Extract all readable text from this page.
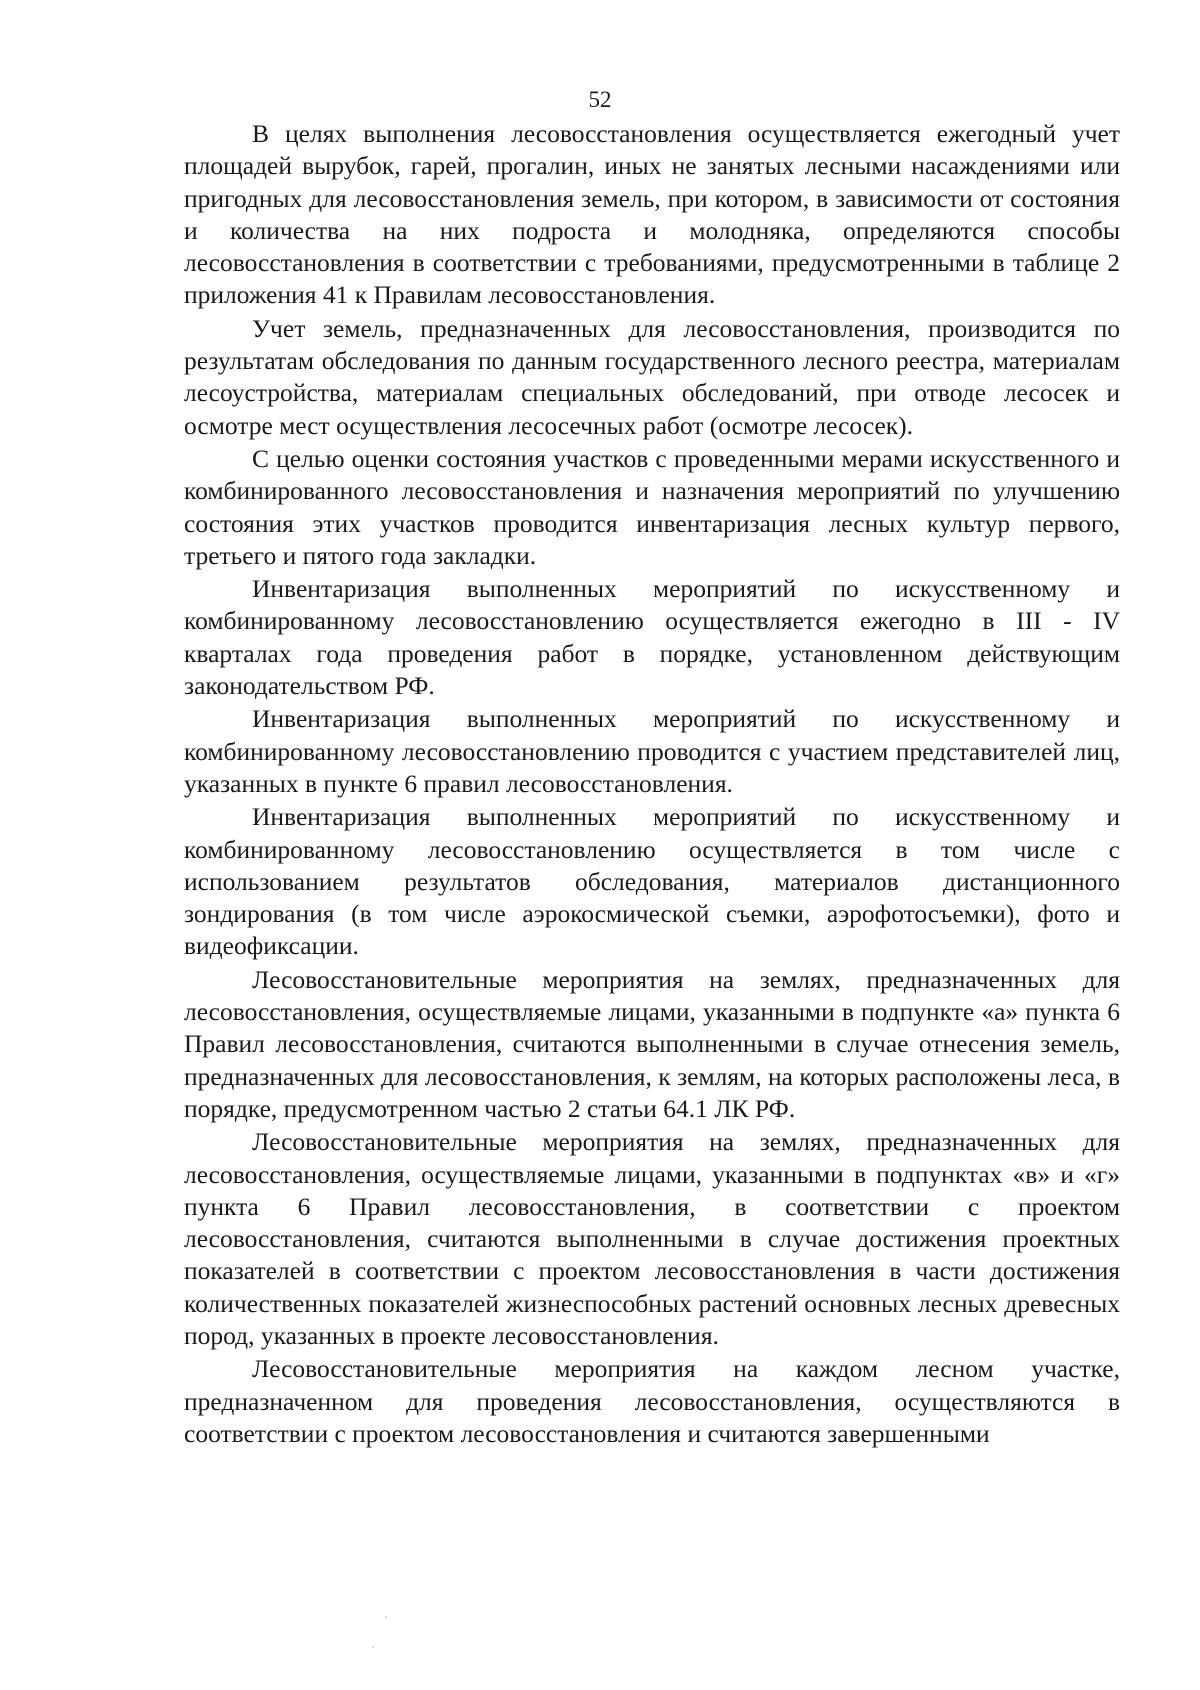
52

В целях выполнения лесовосстановления осуществляется ежегодный учет площадей вырубок, гарей, прогалин, иных не занятых лесными насаждениями или пригодных для лесовосстановления земель, при котором, в зависимости от состояния и количества на них подроста и молодняка, определяются способы лесовосстановления в соответствии с требованиями, предусмотренными в таблице 2 приложения 41 к Правилам лесовосстановления.

Учет земель, предназначенных для лесовосстановления, производится по результатам обследования по данным государственного лесного реестра, материалам лесоустройства, материалам специальных обследований, при отводе лесосек и осмотре мест осуществления лесосечных работ (осмотре лесосек).

С целью оценки состояния участков с проведенными мерами искусственного и комбинированного лесовосстановления и назначения мероприятий по улучшению состояния этих участков проводится инвентаризация лесных культур первого, третьего и пятого года закладки.

Инвентаризация выполненных мероприятий по искусственному и комбинированному лесовосстановлению осуществляется ежегодно в III - IV кварталах года проведения работ в порядке, установленном действующим законодательством РФ.

Инвентаризация выполненных мероприятий по искусственному и комбинированному лесовосстановлению проводится с участием представителей лиц, указанных в пункте 6 правил лесовосстановления.

Инвентаризация выполненных мероприятий по искусственному и комбинированному лесовосстановлению осуществляется в том числе с использованием результатов обследования, материалов дистанционного зондирования (в том числе аэрокосмической съемки, аэрофотосъемки), фото и видеофиксации.

Лесовосстановительные мероприятия на землях, предназначенных для лесовосстановления, осуществляемые лицами, указанными в подпункте «а» пункта 6 Правил лесовосстановления, считаются выполненными в случае отнесения земель, предназначенных для лесовосстановления, к землям, на которых расположены леса, в порядке, предусмотренном частью 2 статьи 64.1 ЛК РФ.

Лесовосстановительные мероприятия на землях, предназначенных для лесовосстановления, осуществляемые лицами, указанными в подпунктах «в» и «г» пункта 6 Правил лесовосстановления, в соответствии с проектом лесовосстановления, считаются выполненными в случае достижения проектных показателей в соответствии с проектом лесовосстановления в части достижения количественных показателей жизнеспособных растений основных лесных древесных пород, указанных в проекте лесовосстановления.

Лесовосстановительные мероприятия на каждом лесном участке, предназначенном для проведения лесовосстановления, осуществляются в соответствии с проектом лесовосстановления и считаются завершенными
